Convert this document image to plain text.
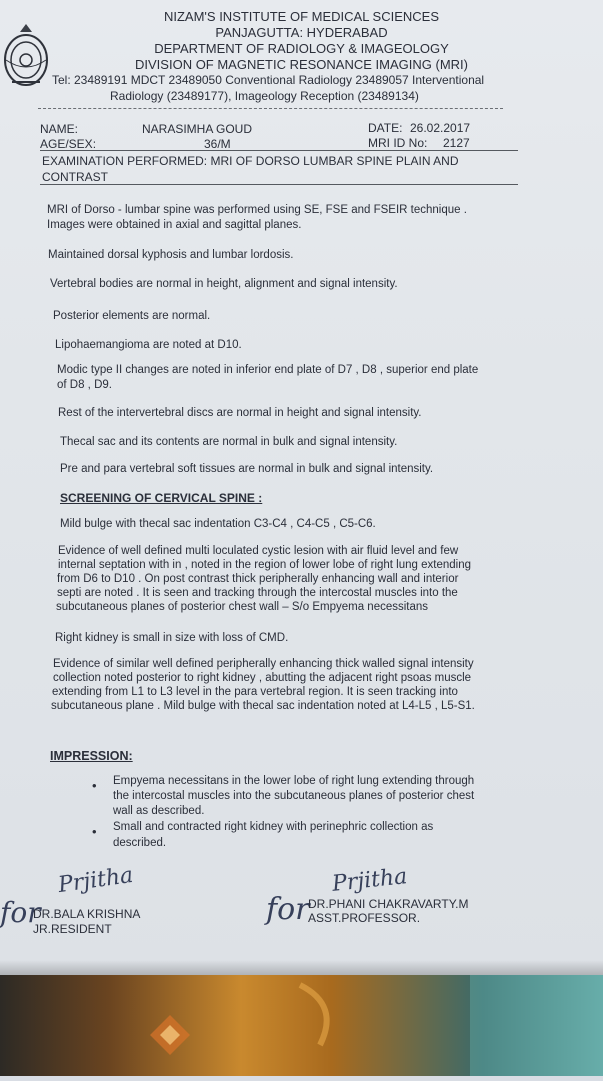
NIZAM'S INSTITUTE OF MEDICAL SCIENCES
PANJAGUTTA: HYDERABAD
DEPARTMENT OF RADIOLOGY & IMAGEOLOGY
DIVISION OF MAGNETIC RESONANCE IMAGING (MRI)
Tel: 23489191 MDCT 23489050 Conventional Radiology 23489057 Interventional
Radiology (23489177), Imageology Reception (23489134)
NAME:	NARASIMHA GOUD	DATE: 26.02.2017
AGE/SEX:	36/M	MRI ID No: 2127
EXAMINATION PERFORMED: MRI OF DORSO LUMBAR SPINE PLAIN AND
CONTRAST
MRI of Dorso - lumbar spine was performed using SE, FSE and FSEIR technique .
Images were obtained in axial and sagittal planes.
Maintained dorsal kyphosis and lumbar lordosis.
Vertebral bodies are normal in height, alignment and signal intensity.
Posterior elements are normal.
Lipohaemangioma are noted at D10.
Modic type II changes are noted in inferior end plate of D7 , D8 , superior end plate
of D8 , D9.
Rest of the intervertebral discs are normal in height and signal intensity.
Thecal sac and its contents are normal in bulk and signal intensity.
Pre and para vertebral soft tissues are normal in bulk and signal intensity.
SCREENING OF CERVICAL SPINE :
Mild bulge with thecal sac indentation C3-C4 , C4-C5 , C5-C6.
Evidence of well defined multi loculated cystic lesion with air fluid level and few
internal septation with in , noted in the region of lower lobe of right lung extending
from D6 to D10 . On post contrast thick peripherally enhancing wall and interior
septi are noted . It is seen and tracking through the intercostal muscles into the
subcutaneous planes of posterior chest wall – S/o Empyema necessitans
Right kidney is small in size with loss of CMD.
Evidence of similar well defined peripherally enhancing thick walled signal intensity
collection noted posterior to right kidney , abutting the adjacent right psoas muscle
extending from L1 to L3 level in the para vertebral region. It is seen tracking into
subcutaneous plane . Mild bulge with thecal sac indentation noted at L4-L5 , L5-S1.
IMPRESSION:
• Empyema necessitans in the lower lobe of right lung extending through
the intercostal muscles into the subcutaneous planes of posterior chest
wall as described.
• Small and contracted right kidney with perinephric collection as
described.
for
Prjitha
DR.BALA KRISHNA
JR.RESIDENT
for
Prjitha
DR.PHANI CHAKRAVARTY.M
ASST.PROFESSOR.
